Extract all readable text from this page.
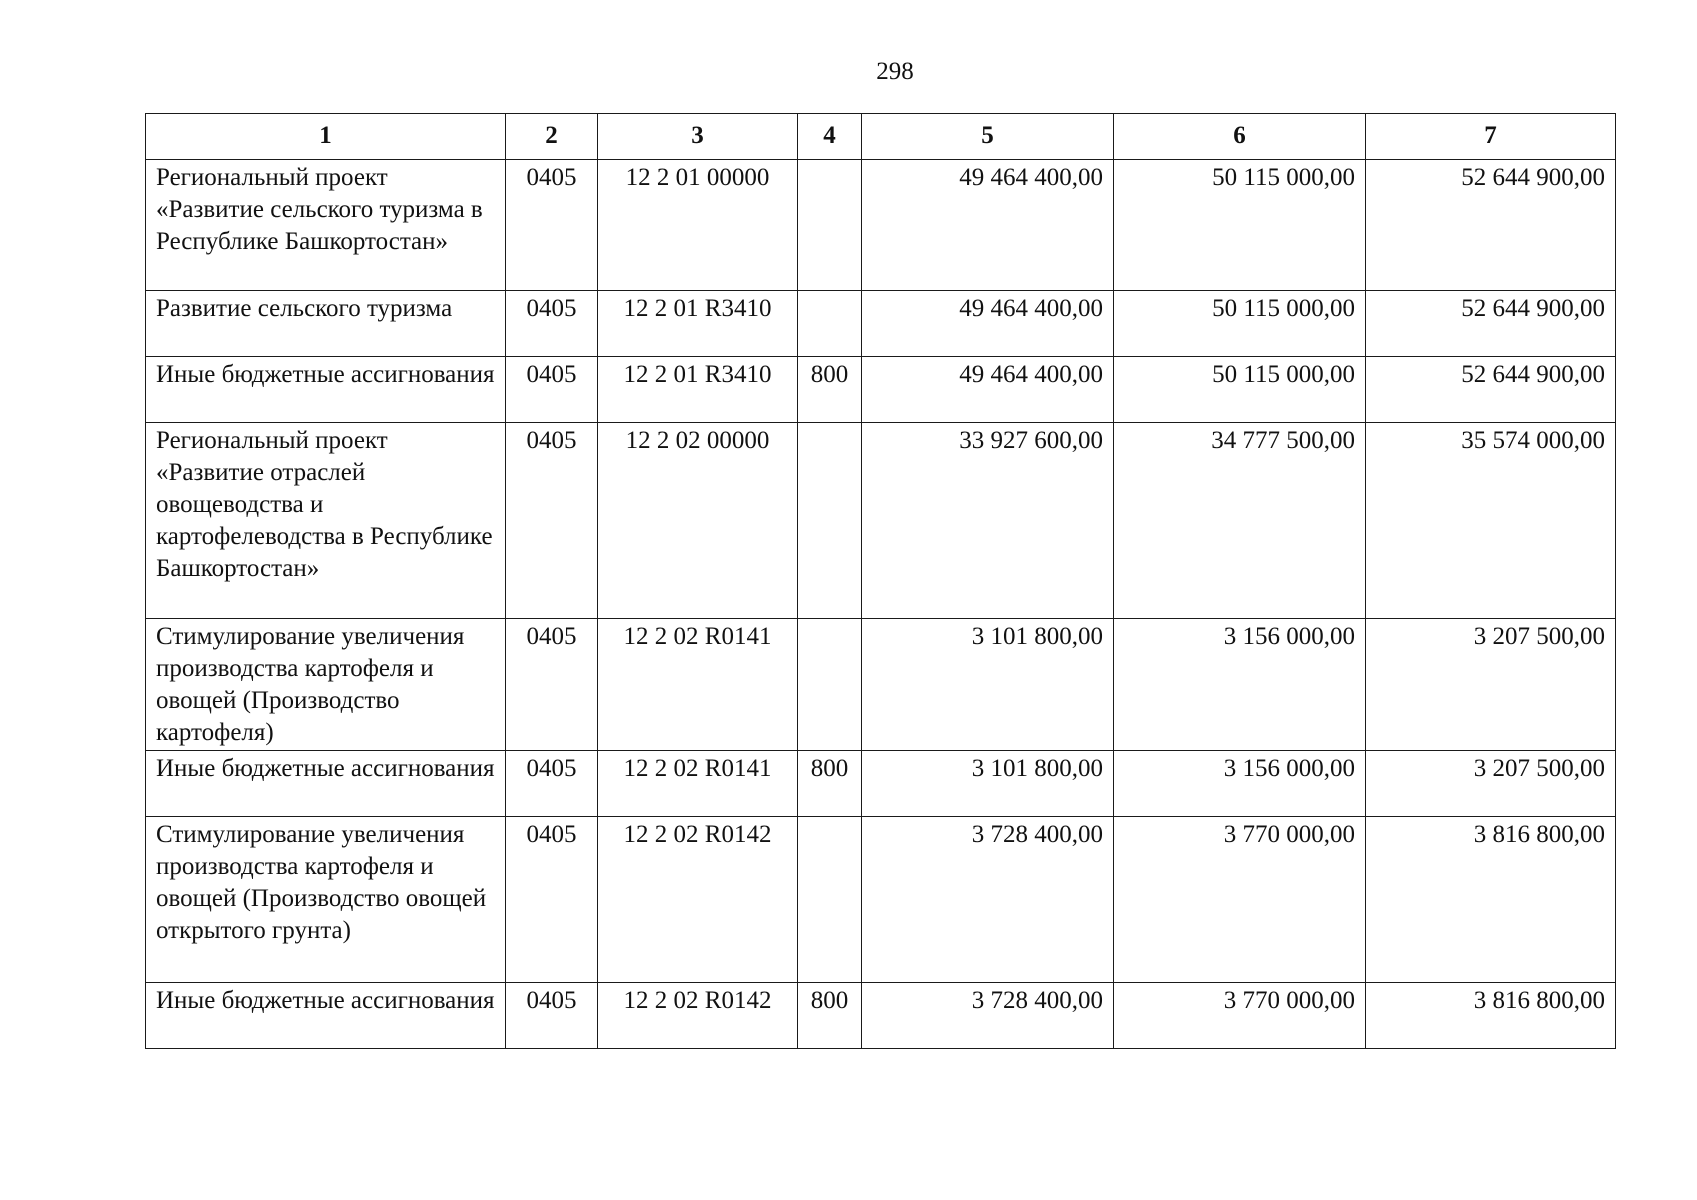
298
1	2	3	4	5	6	7
Региональный проект «Развитие сельского туризма в Республике Башкортостан»	0405	12 2 01 00000		49 464 400,00	50 115 000,00	52 644 900,00
Развитие сельского туризма	0405	12 2 01 R3410		49 464 400,00	50 115 000,00	52 644 900,00
Иные бюджетные ассигнования	0405	12 2 01 R3410	800	49 464 400,00	50 115 000,00	52 644 900,00
Региональный проект «Развитие отраслей овощеводства и картофелеводства в Республике Башкортостан»	0405	12 2 02 00000		33 927 600,00	34 777 500,00	35 574 000,00
Стимулирование увеличения производства картофеля и овощей (Производство картофеля)	0405	12 2 02 R0141		3 101 800,00	3 156 000,00	3 207 500,00
Иные бюджетные ассигнования	0405	12 2 02 R0141	800	3 101 800,00	3 156 000,00	3 207 500,00
Стимулирование увеличения производства картофеля и овощей (Производство овощей открытого грунта)	0405	12 2 02 R0142		3 728 400,00	3 770 000,00	3 816 800,00
Иные бюджетные ассигнования	0405	12 2 02 R0142	800	3 728 400,00	3 770 000,00	3 816 800,00
